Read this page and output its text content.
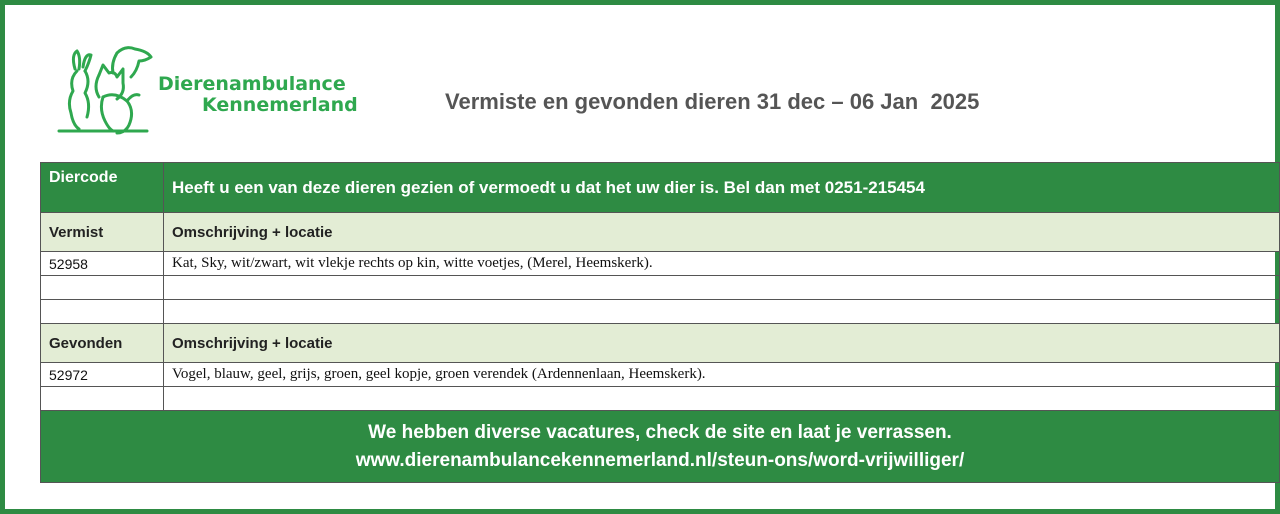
Dierenambulance
Kennemerland	Vermiste en gevonden dieren 31 dec – 06 Jan  2025
Diercode	Heeft u een van deze dieren gezien of vermoedt u dat het uw dier is. Bel dan met 0251-215454
Vermist	Omschrijving + locatie
52958	Kat, Sky, wit/zwart, wit vlekje rechts op kin, witte voetjes, (Merel, Heemskerk).

Gevonden	Omschrijving + locatie
52972	Vogel, blauw, geel, grijs, groen, geel kopje, groen verendek (Ardennenlaan, Heemskerk).

We hebben diverse vacatures, check de site en laat je verrassen.
www.dierenambulancekennemerland.nl/steun-ons/word-vrijwilliger/	
